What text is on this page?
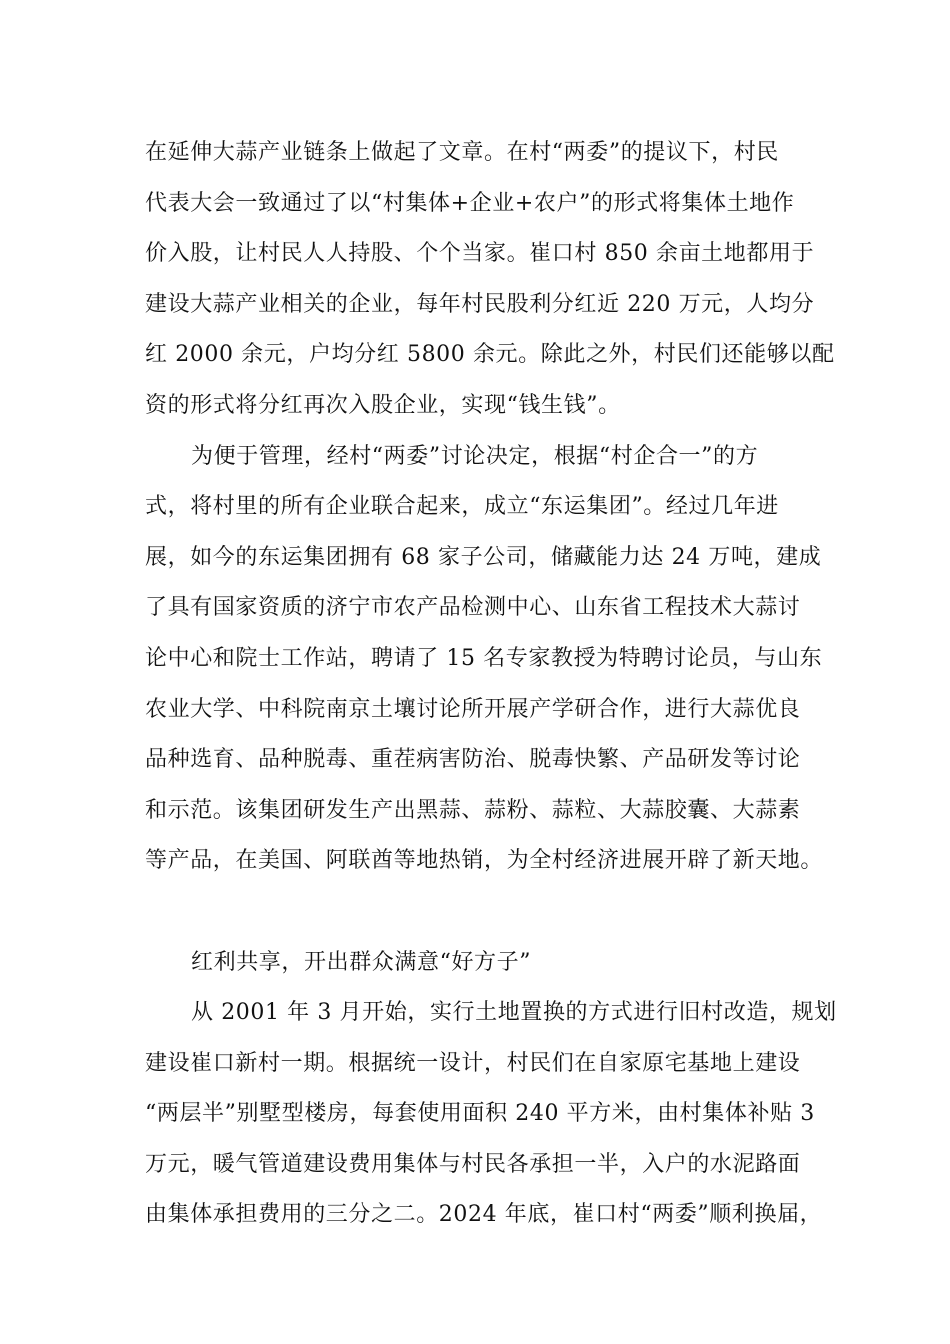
在延伸大蒜产业链条上做起了文章。在村“两委”的提议下，村民
代表大会一致通过了以“村集体+企业+农户”的形式将集体土地作
价入股，让村民人人持股、个个当家。崔口村 850 余亩土地都用于
建设大蒜产业相关的企业，每年村民股利分红近 220 万元，人均分
红 2000 余元，户均分红 5800 余元。除此之外，村民们还能够以配
资的形式将分红再次入股企业，实现“钱生钱”。
为便于管理，经村“两委”讨论决定，根据“村企合一”的方
式，将村里的所有企业联合起来，成立“东运集团”。经过几年进
展，如今的东运集团拥有 68 家子公司，储藏能力达 24 万吨，建成
了具有国家资质的济宁市农产品检测中心、山东省工程技术大蒜讨
论中心和院士工作站，聘请了 15 名专家教授为特聘讨论员，与山东
农业大学、中科院南京土壤讨论所开展产学研合作，进行大蒜优良
品种选育、品种脱毒、重茬病害防治、脱毒快繁、产品研发等讨论
和示范。该集团研发生产出黑蒜、蒜粉、蒜粒、大蒜胶囊、大蒜素
等产品，在美国、阿联酋等地热销，为全村经济进展开辟了新天地。
红利共享，开出群众满意“好方子”
从 2001 年 3 月开始，实行土地置换的方式进行旧村改造，规划
建设崔口新村一期。根据统一设计，村民们在自家原宅基地上建设
“两层半”别墅型楼房，每套使用面积 240 平方米，由村集体补贴 3
万元，暖气管道建设费用集体与村民各承担一半，入户的水泥路面
由集体承担费用的三分之二。2024 年底，崔口村“两委”顺利换届，
